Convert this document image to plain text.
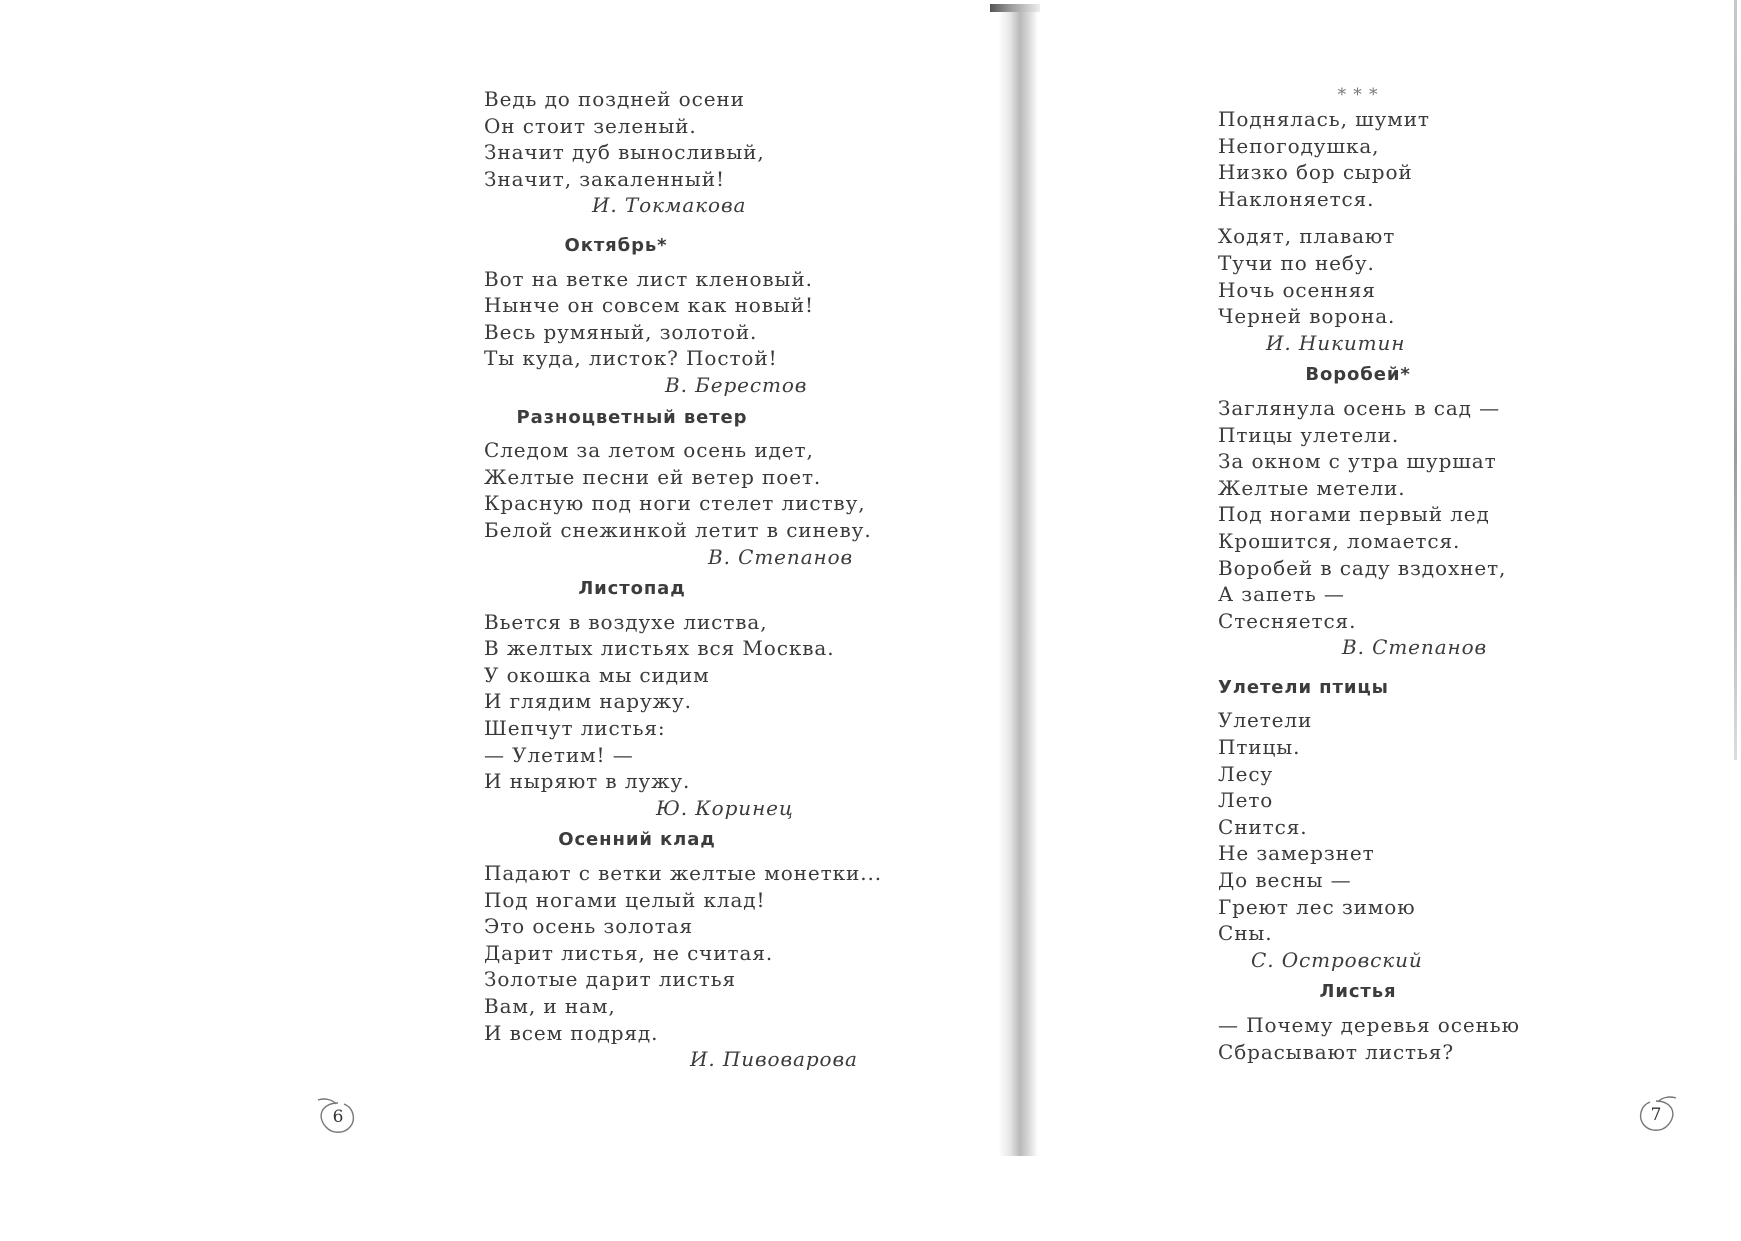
Ведь до поздней осени
Он стоит зеленый.
Значит дуб выносливый,
Значит, закаленный!
И. Токмакова
Октябрь*
Вот на ветке лист кленовый.
Нынче он совсем как новый!
Весь румяный, золотой.
Ты куда, листок? Постой!
В. Берестов
Разноцветный ветер
Следом за летом осень идет,
Желтые песни ей ветер поет.
Красную под ноги стелет листву,
Белой снежинкой летит в синеву.
В. Степанов
Листопад
Вьется в воздухе листва,
В желтых листьях вся Москва.
У окошка мы сидим
И глядим наружу.
Шепчут листья:
— Улетим! —
И ныряют в лужу.
Ю. Коринец
Осенний клад
Падают с ветки желтые монетки...
Под ногами целый клад!
Это осень золотая
Дарит листья, не считая.
Золотые дарит листья
Вам, и нам,
И всем подряд.
И. Пивоварова
6
* * *
Поднялась, шумит
Непогодушка,
Низко бор сырой
Наклоняется.
Ходят, плавают
Тучи по небу.
Ночь осенняя
Черней ворона.
И. Никитин
Воробей*
Заглянула осень в сад —
Птицы улетели.
За окном с утра шуршат
Желтые метели.
Под ногами первый лед
Крошится, ломается.
Воробей в саду вздохнет,
А запеть —
Стесняется.
В. Степанов
Улетели птицы
Улетели
Птицы.
Лесу
Лето
Снится.
Не замерзнет
До весны —
Греют лес зимою
Сны.
С. Островский
Листья
— Почему деревья осенью
Сбрасывают листья?
7
